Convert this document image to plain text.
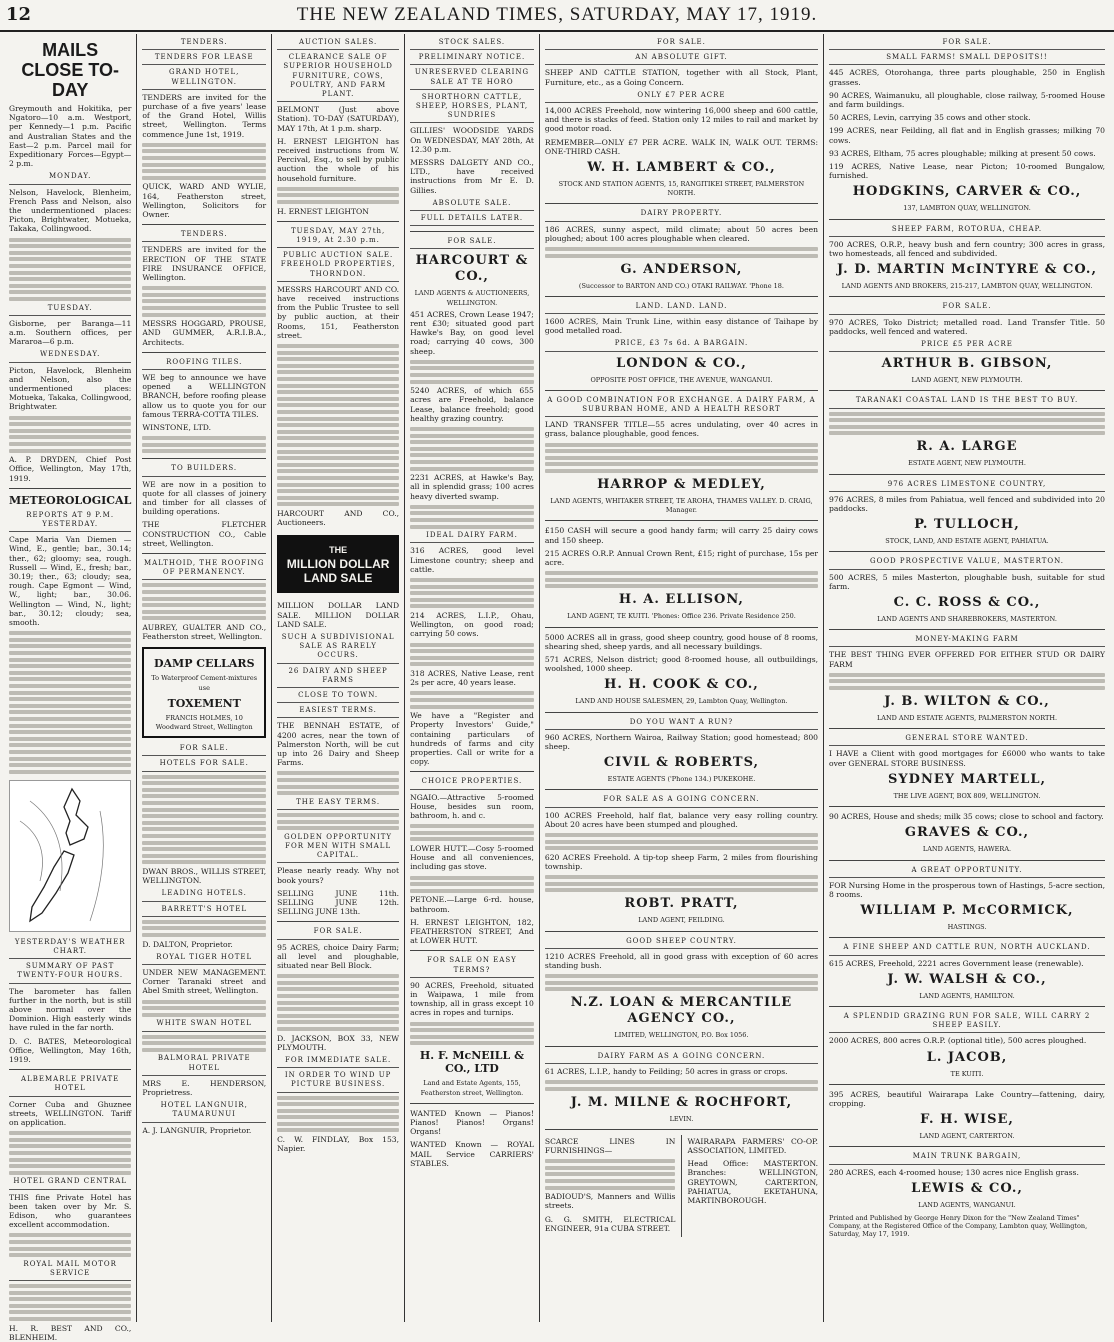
12	THE NEW ZEALAND TIMES, SATURDAY, MAY 17, 1919.
MAILS CLOSE TO-DAY
Greymouth and Hokitika, per Ngatoro—10 a.m. Westport, per Kennedy—1 p.m. Pacific and Australian States and the East—2 p.m. Parcel mail for Expeditionary Forces—Egypt—2 p.m.
MONDAY.
Nelson, Havelock, Blenheim, French Pass and Nelson, also the undermentioned places: Picton, Brightwater, Motueka, Takaka, Collingwood.
TUESDAY.
Gisborne, per Baranga—11 a.m. Southern offices, per Mararoa—6 p.m.
WEDNESDAY.
Picton, Havelock, Blenheim and Nelson, also the undermentioned places: Motueka, Takaka, Collingwood, Brightwater.
A. P. DRYDEN, Chief Post Office, Wellington, May 17th, 1919.
METEOROLOGICAL
REPORTS AT 9 P.M. YESTERDAY.
Cape Maria Van Diemen — Wind, E., gentle; bar., 30.14; ther., 62; gloomy; sea, rough. Russell — Wind, E., fresh; bar., 30.19; ther., 63; cloudy; sea, rough. Cape Egmont — Wind, W., light; bar., 30.06. Wellington — Wind, N., light; bar., 30.12; cloudy; sea, smooth.
YESTERDAY'S WEATHER CHART.
SUMMARY OF PAST TWENTY-FOUR HOURS.
The barometer has fallen further in the north, but is still above normal over the Dominion. High easterly winds have ruled in the far north.
D. C. BATES, Meteorological Office, Wellington, May 16th, 1919.
ALBEMARLE PRIVATE HOTEL
Corner Cuba and Ghuznee streets, WELLINGTON. Tariff on application.
HOTEL GRAND CENTRAL
THIS fine Private Hotel has been taken over by Mr. S. Edison, who guarantees excellent accommodation.
ROYAL MAIL MOTOR SERVICE
H. R. BEST AND CO., BLENHEIM.
TENDERS.
TENDERS FOR LEASE
GRAND HOTEL, WELLINGTON.
TENDERS are invited for the purchase of a five years' lease of the Grand Hotel, Willis street, Wellington. Terms commence June 1st, 1919.
QUICK, WARD AND WYLIE, 164, Featherston street, Wellington, Solicitors for Owner.
TENDERS.
TENDERS are invited for the ERECTION OF THE STATE FIRE INSURANCE OFFICE, Wellington.
MESSRS HOGGARD, PROUSE, AND GUMMER, A.R.I.B.A., Architects.
ROOFING TILES.
WE beg to announce we have opened a WELLINGTON BRANCH, before roofing please allow us to quote you for our famous TERRA-COTTA TILES.
WINSTONE, LTD.
TO BUILDERS.
WE are now in a position to quote for all classes of joinery and timber for all classes of building operations.
THE FLETCHER CONSTRUCTION CO., Cable street, Wellington.
MALTHOID, THE ROOFING OF PERMANENCY.
AUBREY, GUALTER AND CO., Featherston street, Wellington.
DAMP CELLARS
To Waterproof Cement-mixtures use
TOXEMENT
FRANCIS HOLMES, 10 Woodward Street, Wellington
FOR SALE.
HOTELS FOR SALE.
DWAN BROS., WILLIS STREET, WELLINGTON.
LEADING HOTELS.
BARRETT'S HOTEL
D. DALTON, Proprietor.
ROYAL TIGER HOTEL
UNDER NEW MANAGEMENT. Corner Taranaki street and Abel Smith street, Wellington.
WHITE SWAN HOTEL
BALMORAL PRIVATE HOTEL
MRS E. HENDERSON, Proprietress.
HOTEL LANGNUIR, TAUMARUNUI
A. J. LANGNUIR, Proprietor.
AUCTION SALES.
CLEARANCE SALE OF SUPERIOR HOUSEHOLD FURNITURE, COWS, POULTRY, AND FARM PLANT.
BELMONT (Just above Station). TO-DAY (SATURDAY), MAY 17th, At 1 p.m. sharp.
H. ERNEST LEIGHTON has received instructions from W. Percival, Esq., to sell by public auction the whole of his household furniture.
H. ERNEST LEIGHTON
TUESDAY, MAY 27th, 1919, At 2.30 p.m.
PUBLIC AUCTION SALE. FREEHOLD PROPERTIES, THORNDON.
MESSRS HARCOURT AND CO. have received instructions from the Public Trustee to sell by public auction, at their Rooms, 151, Featherston street.
HARCOURT AND CO., Auctioneers.
THE
MILLION DOLLAR LAND SALE
MILLION DOLLAR LAND SALE. MILLION DOLLAR LAND SALE.
SUCH A SUBDIVISIONAL SALE AS RARELY OCCURS.
26 DAIRY AND SHEEP FARMS
CLOSE TO TOWN.
EASIEST TERMS.
THE BENNAH ESTATE, of 4200 acres, near the town of Palmerston North, will be cut up into 26 Dairy and Sheep Farms.
THE EASY TERMS.
GOLDEN OPPORTUNITY FOR MEN WITH SMALL CAPITAL.
Please nearly ready. Why not book yours?
SELLING JUNE 11th. SELLING JUNE 12th. SELLING JUNE 13th.
FOR SALE.
95 ACRES, choice Dairy Farm; all level and ploughable, situated near Bell Block.
D. JACKSON, BOX 33, NEW PLYMOUTH.
FOR IMMEDIATE SALE.
IN ORDER TO WIND UP PICTURE BUSINESS.
C. W. FINDLAY, Box 153, Napier.
STOCK SALES.
PRELIMINARY NOTICE.
UNRESERVED CLEARING SALE AT TE HORO
SHORTHORN CATTLE, SHEEP, HORSES, PLANT, SUNDRIES
GILLIES' WOODSIDE YARDS On WEDNESDAY, MAY 28th, At 12.30 p.m.
MESSRS DALGETY AND CO., LTD., have received instructions from Mr E. D. Gillies.
ABSOLUTE SALE.
FULL DETAILS LATER.
FOR SALE.
HARCOURT & CO.,
LAND AGENTS & AUCTIONEERS, WELLINGTON.
451 ACRES, Crown Lease 1947; rent £30; situated good part Hawke's Bay, on good level road; carrying 40 cows, 300 sheep.
5240 ACRES, of which 655 acres are Freehold, balance Lease, balance freehold; good healthy grazing country.
2231 ACRES, at Hawke's Bay, all in splendid grass; 100 acres heavy diverted swamp.
IDEAL DAIRY FARM.
316 ACRES, good level Limestone country; sheep and cattle.
214 ACRES, L.I.P., Ohau, Wellington, on good road; carrying 50 cows.
318 ACRES, Native Lease, rent 2s per acre, 40 years lease.
We have a "Register and Property Investors' Guide," containing particulars of hundreds of farms and city properties. Call or write for a copy.
CHOICE PROPERTIES.
NGAIO.—Attractive 5-roomed House, besides sun room, bathroom, h. and c.
LOWER HUTT.—Cosy 5-roomed House and all conveniences, including gas stove.
PETONE.—Large 6-rd. house, bathroom.
H. ERNEST LEIGHTON, 182, FEATHERSTON STREET, And at LOWER HUTT.
FOR SALE ON EASY TERMS?
90 ACRES, Freehold, situated in Waipawa, 1 mile from township, all in grass except 10 acres in ropes and turnips.
H. F. McNEILL & CO., LTD
Land and Estate Agents, 155, Featherston street, Wellington.
WANTED Known — Pianos! Pianos! Pianos! Organs! Organs!
WANTED Known — ROYAL MAIL Service CARRIERS' STABLES.
FOR SALE.
AN ABSOLUTE GIFT.
SHEEP AND CATTLE STATION, together with all Stock, Plant, Furniture, etc., as a Going Concern.
ONLY £7 PER ACRE
14,000 ACRES Freehold, now wintering 16,000 sheep and 600 cattle, and there is stacks of feed. Station only 12 miles to rail and market by good motor road.
REMEMBER—ONLY £7 PER ACRE. WALK IN, WALK OUT. TERMS: ONE-THIRD CASH.
W. H. LAMBERT & CO.,
STOCK AND STATION AGENTS, 15, RANGITIKEI STREET, PALMERSTON NORTH.
DAIRY PROPERTY.
186 ACRES, sunny aspect, mild climate; about 50 acres been ploughed; about 100 acres ploughable when cleared.
G. ANDERSON,
(Successor to BARTON AND CO.) OTAKI RAILWAY. 'Phone 18.
LAND. LAND. LAND.
1600 ACRES, Main Trunk Line, within easy distance of Taihape by good metalled road.
PRICE, £3 7s 6d. A BARGAIN.
LONDON & CO.,
OPPOSITE POST OFFICE, THE AVENUE, WANGANUI.
A GOOD COMBINATION FOR EXCHANGE. A DAIRY FARM, A SUBURBAN HOME, AND A HEALTH RESORT
LAND TRANSFER TITLE—55 acres undulating, over 40 acres in grass, balance ploughable, good fences.
HARROP & MEDLEY,
LAND AGENTS, WHITAKER STREET, TE AROHA, THAMES VALLEY. D. CRAIG, Manager.
£150 CASH will secure a good handy farm; will carry 25 dairy cows and 150 sheep.
215 ACRES O.R.P. Annual Crown Rent, £15; right of purchase, 15s per acre.
H. A. ELLISON,
LAND AGENT, TE KUITI. 'Phones: Office 236. Private Residence 250.
5000 ACRES all in grass, good sheep country, good house of 8 rooms, shearing shed, sheep yards, and all necessary buildings.
571 ACRES, Nelson district; good 8-roomed house, all outbuildings, woolshed, 1000 sheep.
H. H. COOK & CO.,
LAND AND HOUSE SALESMEN, 29, Lambton Quay, Wellington.
DO YOU WANT A RUN?
960 ACRES, Northern Wairoa, Railway Station; good homestead; 800 sheep.
CIVIL & ROBERTS,
ESTATE AGENTS ('Phone 134.) PUKEKOHE.
FOR SALE AS A GOING CONCERN.
100 ACRES Freehold, half flat, balance very easy rolling country. About 20 acres have been stumped and ploughed.
620 ACRES Freehold. A tip-top sheep Farm, 2 miles from flourishing township.
ROBT. PRATT,
LAND AGENT, FEILDING.
GOOD SHEEP COUNTRY.
1210 ACRES Freehold, all in good grass with exception of 60 acres standing bush.
N.Z. LOAN & MERCANTILE AGENCY CO.,
LIMITED, WELLINGTON, P.O. Box 1056.
DAIRY FARM AS A GOING CONCERN.
61 ACRES, L.I.P., handy to Feilding; 50 acres in grass or crops.
J. M. MILNE & ROCHFORT,
LEVIN.
SCARCE LINES IN FURNISHINGS—
BADIOUD'S, Manners and Willis streets.
G. G. SMITH, ELECTRICAL ENGINEER, 91a CUBA STREET.
WAIRARAPA FARMERS' CO-OP. ASSOCIATION, LIMITED.
Head Office: MASTERTON. Branches: WELLINGTON, GREYTOWN, CARTERTON, PAHIATUA, EKETAHUNA, MARTINBOROUGH.
FOR SALE.
SMALL FARMS! SMALL DEPOSITS!!
445 ACRES, Otorohanga, three parts ploughable, 250 in English grasses.
90 ACRES, Waimanuku, all ploughable, close railway, 5-roomed House and farm buildings.
50 ACRES, Levin, carrying 35 cows and other stock.
199 ACRES, near Feilding, all flat and in English grasses; milking 70 cows.
93 ACRES, Eltham, 75 acres ploughable; milking at present 50 cows.
119 ACRES, Native Lease, near Picton; 10-roomed Bungalow, furnished.
HODGKINS, CARVER & CO.,
137, LAMBTON QUAY, WELLINGTON.
SHEEP FARM, ROTORUA, CHEAP.
700 ACRES, O.R.P., heavy bush and fern country; 300 acres in grass, two homesteads, all fenced and subdivided.
J. D. MARTIN McINTYRE & CO.,
LAND AGENTS AND BROKERS, 215-217, LAMBTON QUAY, WELLINGTON.
FOR SALE.
970 ACRES, Toko District; metalled road. Land Transfer Title. 50 paddocks, well fenced and watered.
PRICE £5 PER ACRE
ARTHUR B. GIBSON,
LAND AGENT, NEW PLYMOUTH.
TARANAKI COASTAL LAND IS THE BEST TO BUY.
R. A. LARGE
ESTATE AGENT, NEW PLYMOUTH.
976 ACRES LIMESTONE COUNTRY,
976 ACRES, 8 miles from Pahiatua, well fenced and subdivided into 20 paddocks.
P. TULLOCH,
STOCK, LAND, AND ESTATE AGENT, PAHIATUA.
GOOD PROSPECTIVE VALUE, MASTERTON.
500 ACRES, 5 miles Masterton, ploughable bush, suitable for stud farm.
C. C. ROSS & CO.,
LAND AGENTS AND SHAREBROKERS, MASTERTON.
MONEY-MAKING FARM
THE BEST THING EVER OFFERED FOR EITHER STUD OR DAIRY FARM
J. B. WILTON & CO.,
LAND AND ESTATE AGENTS, PALMERSTON NORTH.
GENERAL STORE WANTED.
I HAVE a Client with good mortgages for £6000 who wants to take over GENERAL STORE BUSINESS.
SYDNEY MARTELL,
THE LIVE AGENT, BOX 809, WELLINGTON.
90 ACRES, House and sheds; milk 35 cows; close to school and factory.
GRAVES & CO.,
LAND AGENTS, HAWERA.
A GREAT OPPORTUNITY.
FOR Nursing Home in the prosperous town of Hastings, 5-acre section, 8 rooms.
WILLIAM P. McCORMICK,
HASTINGS.
A FINE SHEEP AND CATTLE RUN, NORTH AUCKLAND.
615 ACRES, Freehold, 2221 acres Government lease (renewable).
J. W. WALSH & CO.,
LAND AGENTS, HAMILTON.
A SPLENDID GRAZING RUN FOR SALE, WILL CARRY 2 SHEEP EASILY.
2000 ACRES, 800 acres O.R.P. (optional title), 500 acres ploughed.
L. JACOB,
TE KUITI.
395 ACRES, beautiful Wairarapa Lake Country—fattening, dairy, cropping.
F. H. WISE,
LAND AGENT, CARTERTON.
MAIN TRUNK BARGAIN,
280 ACRES, each 4-roomed house; 130 acres nice English grass.
LEWIS & CO.,
LAND AGENTS, WANGANUI.
Printed and Published by George Henry Dixon for the "New Zealand Times" Company, at the Registered Office of the Company, Lambton quay, Wellington, Saturday, May 17, 1919.
